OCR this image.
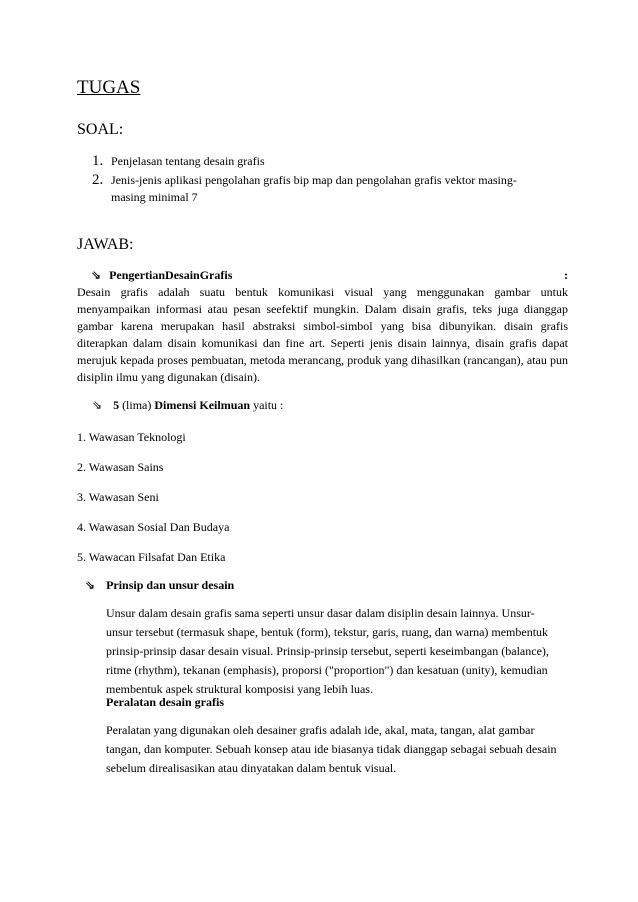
TUGAS
SOAL:
1. Penjelasan tentang desain grafis
2. Jenis-jenis aplikasi pengolahan grafis bip map dan pengolahan grafis vektor masing-masing minimal 7
JAWAB:
⇘ PengertianDesainGrafis	:

Desain grafis adalah suatu bentuk komunikasi visual yang menggunakan gambar untuk menyampaikan informasi atau pesan seefektif mungkin. Dalam disain grafis, teks juga dianggap gambar karena merupakan hasil abstraksi simbol-simbol yang bisa dibunyikan. disain grafis diterapkan dalam disain komunikasi dan fine art. Seperti jenis disain lainnya, disain grafis dapat merujuk kepada proses pembuatan, metoda merancang, produk yang dihasilkan (rancangan), atau pun disiplin ilmu yang digunakan (disain).

⇘ 5 (lima) Dimensi Keilmuan yaitu :
1. Wawasan Teknologi
2. Wawasan Sains
3. Wawasan Seni
4. Wawasan Sosial Dan Budaya
5. Wawacan Filsafat Dan Etika
⇘ Prinsip dan unsur desain

Unsur dalam desain grafis sama seperti unsur dasar dalam disiplin desain lainnya. Unsur-unsur tersebut (termasuk shape, bentuk (form), tekstur, garis, ruang, dan warna) membentuk prinsip-prinsip dasar desain visual. Prinsip-prinsip tersebut, seperti keseimbangan (balance), ritme (rhythm), tekanan (emphasis), proporsi ("proportion") dan kesatuan (unity), kemudian membentuk aspek struktural komposisi yang lebih luas.

Peralatan desain grafis

Peralatan yang digunakan oleh desainer grafis adalah ide, akal, mata, tangan, alat gambar tangan, dan komputer. Sebuah konsep atau ide biasanya tidak dianggap sebagai sebuah desain sebelum direalisasikan atau dinyatakan dalam bentuk visual.
